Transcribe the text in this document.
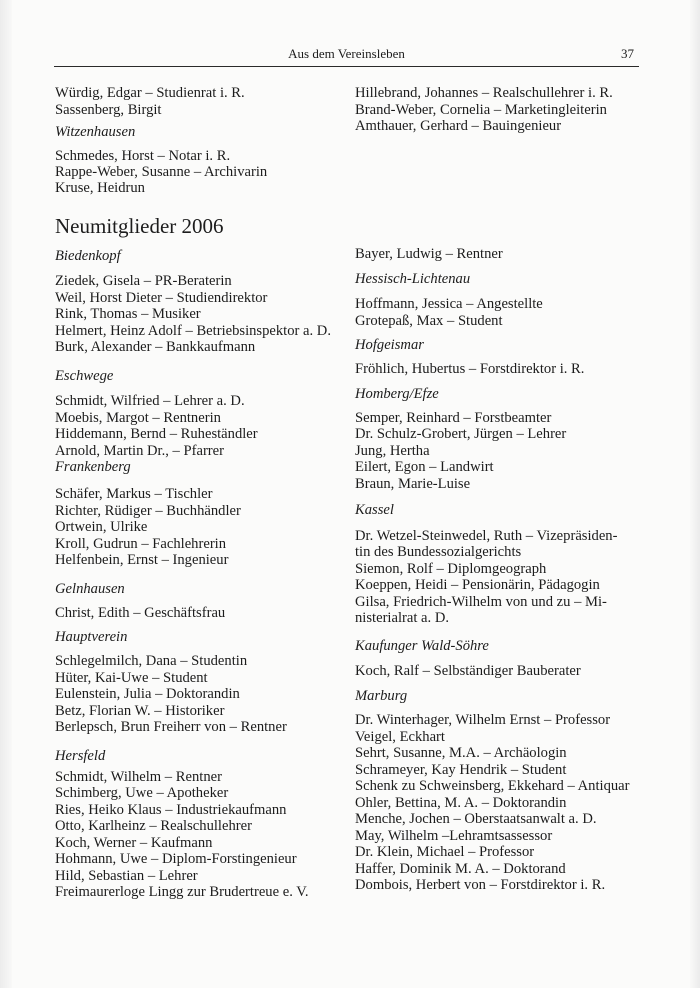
Aus dem Vereinsleben	37
Würdig, Edgar – Studienrat i. R.
Sassenberg, Birgit
Witzenhausen
Schmedes, Horst – Notar i. R.
Rappe-Weber, Susanne – Archivarin
Kruse, Heidrun
Hillebrand, Johannes – Realschullehrer i. R.
Brand-Weber, Cornelia – Marketingleiterin
Amthauer, Gerhard – Bauingenieur
Neumitglieder 2006
Biedenkopf
Ziedek, Gisela – PR-Beraterin
Weil, Horst Dieter – Studiendirektor
Rink, Thomas – Musiker
Helmert, Heinz Adolf – Betriebsinspektor a. D.
Burk, Alexander – Bankkaufmann
Eschwege
Schmidt, Wilfried – Lehrer a. D.
Moebis, Margot – Rentnerin
Hiddemann, Bernd – Ruheständler
Arnold, Martin Dr., – Pfarrer
Frankenberg
Schäfer, Markus – Tischler
Richter, Rüdiger – Buchhändler
Ortwein, Ulrike
Kroll, Gudrun – Fachlehrerin
Helfenbein, Ernst – Ingenieur
Gelnhausen
Christ, Edith – Geschäftsfrau
Hauptverein
Schlegelmilch, Dana – Studentin
Hüter, Kai-Uwe – Student
Eulenstein, Julia – Doktorandin
Betz, Florian W. – Historiker
Berlepsch, Brun Freiherr von – Rentner
Hersfeld
Schmidt, Wilhelm – Rentner
Schimberg, Uwe – Apotheker
Ries, Heiko Klaus – Industriekaufmann
Otto, Karlheinz – Realschullehrer
Koch, Werner – Kaufmann
Hohmann, Uwe – Diplom-Forstingenieur
Hild, Sebastian – Lehrer
Freimaurerloge Lingg zur Brudertreue e. V.
Bayer, Ludwig – Rentner
Hessisch-Lichtenau
Hoffmann, Jessica – Angestellte
Grotepaß, Max – Student
Hofgeismar
Fröhlich, Hubertus – Forstdirektor i. R.
Homberg/Efze
Semper, Reinhard – Forstbeamter
Dr. Schulz-Grobert, Jürgen – Lehrer
Jung, Hertha
Eilert, Egon – Landwirt
Braun, Marie-Luise
Kassel
Dr. Wetzel-Steinwedel, Ruth – Vizepräsiden-
tin des Bundessozialgerichts
Siemon, Rolf – Diplomgeograph
Koeppen, Heidi – Pensionärin, Pädagogin
Gilsa, Friedrich-Wilhelm von und zu – Mi-
nisterialrat a. D.
Kaufunger Wald-Söhre
Koch, Ralf – Selbständiger Bauberater
Marburg
Dr. Winterhager, Wilhelm Ernst – Professor
Veigel, Eckhart
Sehrt, Susanne, M.A. – Archäologin
Schrameyer, Kay Hendrik – Student
Schenk zu Schweinsberg, Ekkehard – Antiquar
Ohler, Bettina, M. A. – Doktorandin
Menche, Jochen – Oberstaatsanwalt a. D.
May, Wilhelm –Lehramtsassessor
Dr. Klein, Michael – Professor
Haffer, Dominik M. A. – Doktorand
Dombois, Herbert von – Forstdirektor i. R.
